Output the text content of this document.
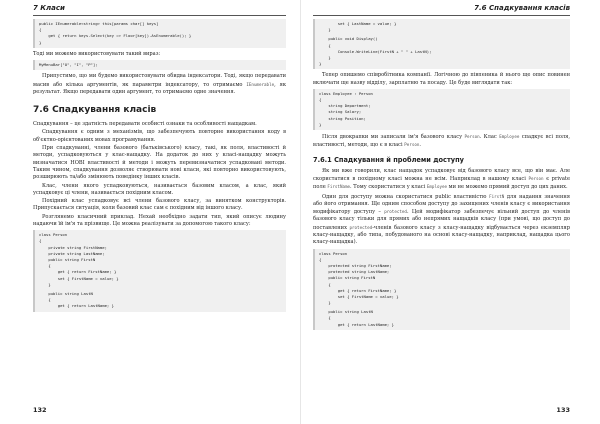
7 Класи
public IEnumerable<string> this[params char[] keys]
{
get { return keys.Select(key => Floor[key]).AsEnumerable(); }
}

Тоді ми можемо використовувати такий вираз:

MyMenuBar["O", "I", "P"];

Припустимо, що ми будемо використовувати обидва індексатори. Тоді, якщо передавати масив або кілька аргументів, як параметри індексатору, то отримаємо IEnumerable, як результат. Якщо передавати один аргумент, то отримаємо одне значення.

7.6 Спадкування класів

Спадкування – це здатність передавати особисті ознаки та особливості нащадкам.

Спадкування є одним з механізмів, що забезпечують повторне використання коду в об'єктно-орієнтованих мовах програмування.

При спадкуванні, члени базового (батьківського) класу, такі, як поля, властивості й методи, успадковуються у клас-нащадку. На додаток до них у класі-нащадку можуть визначатися НОВІ властивості й методи і можуть перевизначатися успадковані методи. Таким чином, спадкування дозволяє створювати нові класи, які повторно використовують, розширюють та/або змінюють поведінку інших класів.

Клас, члени якого успадковуються, називається базовим класом, а клас, який успадковує ці члени, називається похідним класом.

Похідний клас успадковує всі члени базового класу, за винятком конструкторів. Припускається ситуація, коли базовий клас сам є похідним від іншого класу.

Розглянемо класичний приклад. Нехай необхідно задати тип, який описує людину надаючи їй ім'я та прізвище. Це можна реалізувати за допомогою такого класу:

class Person
{
private string FirstName;
private string LastName;
public string FirstN
{
get { return FirstName; }
set { FirstName = value; }
}
public string LastN
{
get { return LastName; }
132
7.6 Спадкування класів
set { LastName = value; }
}
public void Display()
{
Console.WriteLine(FirstN + " " + LastN);
}
}

Тепер опишемо співробітника компанії. Логічною до півпеника й нього ще опис повинен включати ще назву відділу, зарплатню та посаду. Це буде виглядати так:

class Employee : Person
{
string Department;
string Salary;
string Position;
}

Після двокрапки ми записали ім'я базового класу Person. Клас Employee спадкує всі поля, властивості, методи, що є в класі Person.

7.6.1 Спадкування й проблеми доступу

Як ми вже говорили, клас нащадок успадковує від базового класу все, що він має. Але скористатися в похідному класі можна не всім. Наприклад в нашому класі Person є private поле FirstName. Тому скористатися у класі Employee ми не можемо прямий доступ до цих даних.

Один для доступу можна скористатися public властивістю FirstN для надання значення або його отримання. Ще одним способом доступу до захищених членів класу є використання модифікатору доступу – protected. Цей модифікатор забезпечує вільний доступ до членів базового класу тільки для прямих або непрямих нащадків класу (при умові, що доступ до поставлених protected-членів базового класу з класу-нащадку відбувається через екземпляр класу-нащадку, або типа, побудованого на основі класу-нащадку, наприклад, нащадка цього класу-нащадка).

class Person
{
protected string FirstName;
protected string LastName;
public string FirstN
{
get { return FirstName; }
set { FirstName = value; }
}
public string LastN
{
get { return LastName; }
133
